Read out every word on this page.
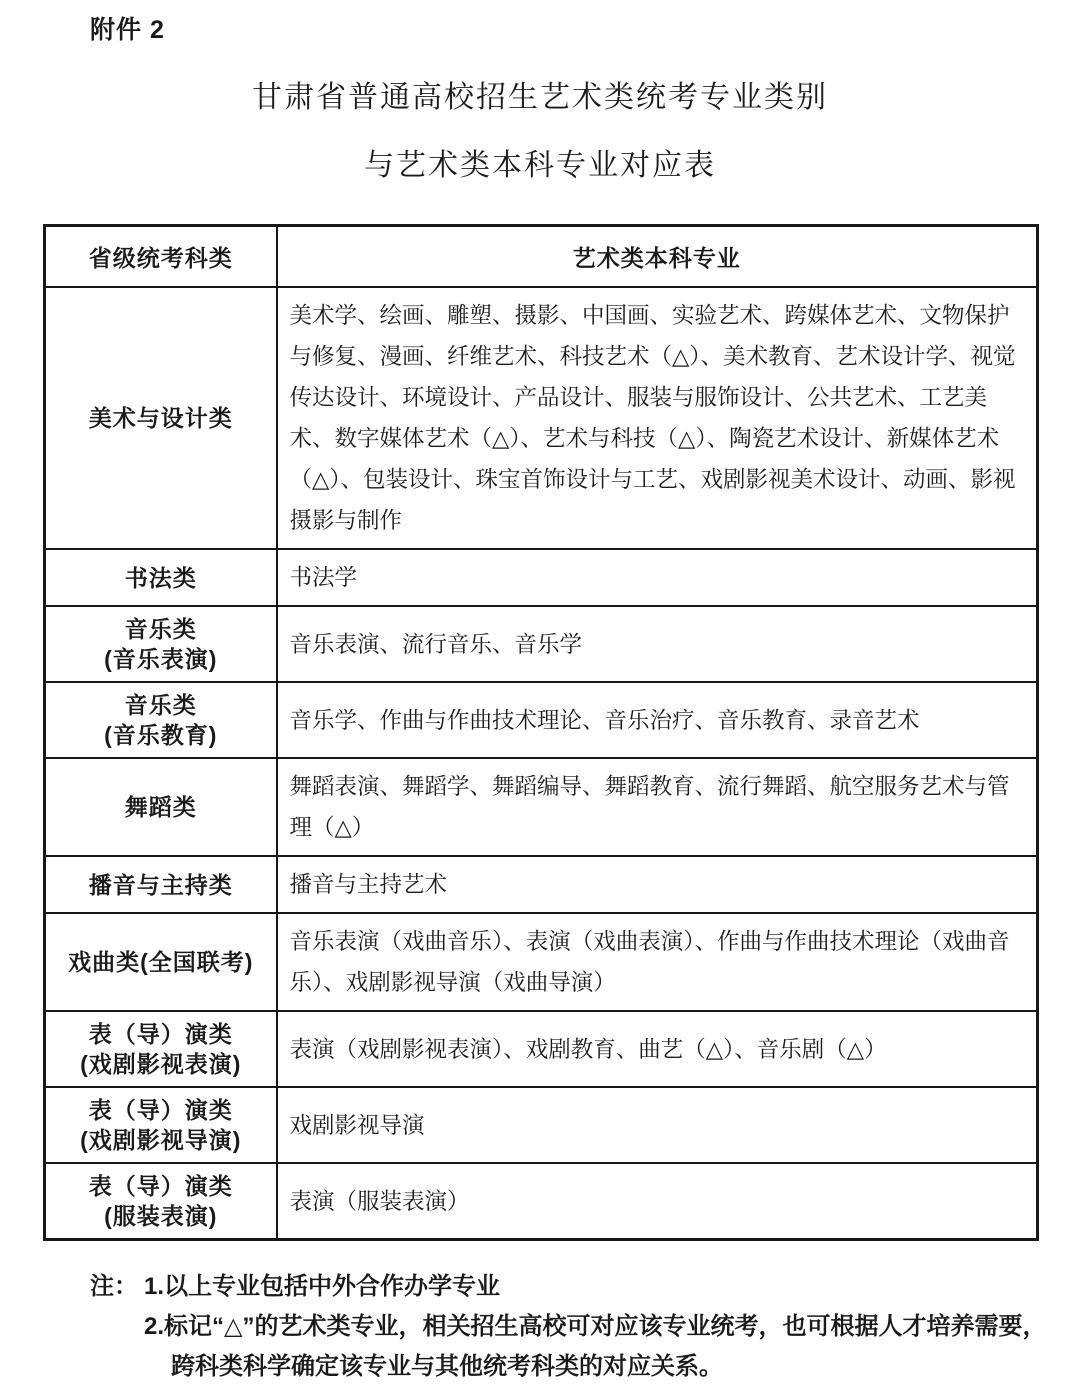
附件 2
甘肃省普通高校招生艺术类统考专业类别
与艺术类本科专业对应表
省级统考科类	艺术类本科专业

美术与设计类	美术学、绘画、雕塑、摄影、中国画、实验艺术、跨媒体艺术、文物保护与修复、漫画、纤维艺术、科技艺术（△）、美术教育、艺术设计学、视觉传达设计、环境设计、产品设计、服装与服饰设计、公共艺术、工艺美术、数字媒体艺术（△）、艺术与科技（△）、陶瓷艺术设计、新媒体艺术（△）、包装设计、珠宝首饰设计与工艺、戏剧影视美术设计、动画、影视摄影与制作

书法类	书法学

音乐类
(音乐表演)	音乐表演、流行音乐、音乐学

音乐类
(音乐教育)	音乐学、作曲与作曲技术理论、音乐治疗、音乐教育、录音艺术

舞蹈类	舞蹈表演、舞蹈学、舞蹈编导、舞蹈教育、流行舞蹈、航空服务艺术与管理（△）

播音与主持类	播音与主持艺术

戏曲类(全国联考)	音乐表演（戏曲音乐）、表演（戏曲表演）、作曲与作曲技术理论（戏曲音乐）、戏剧影视导演（戏曲导演）

表（导）演类
(戏剧影视表演)	表演（戏剧影视表演）、戏剧教育、曲艺（△）、音乐剧（△）

表（导）演类
(戏剧影视导演)	戏剧影视导演

表（导）演类
(服装表演)	表演（服装表演）
注： 1.以上专业包括中外合作办学专业
2.标记“△”的艺术类专业，相关招生高校可对应该专业统考，也可根据人才培养需要，跨科类科学确定该专业与其他统考科类的对应关系。
